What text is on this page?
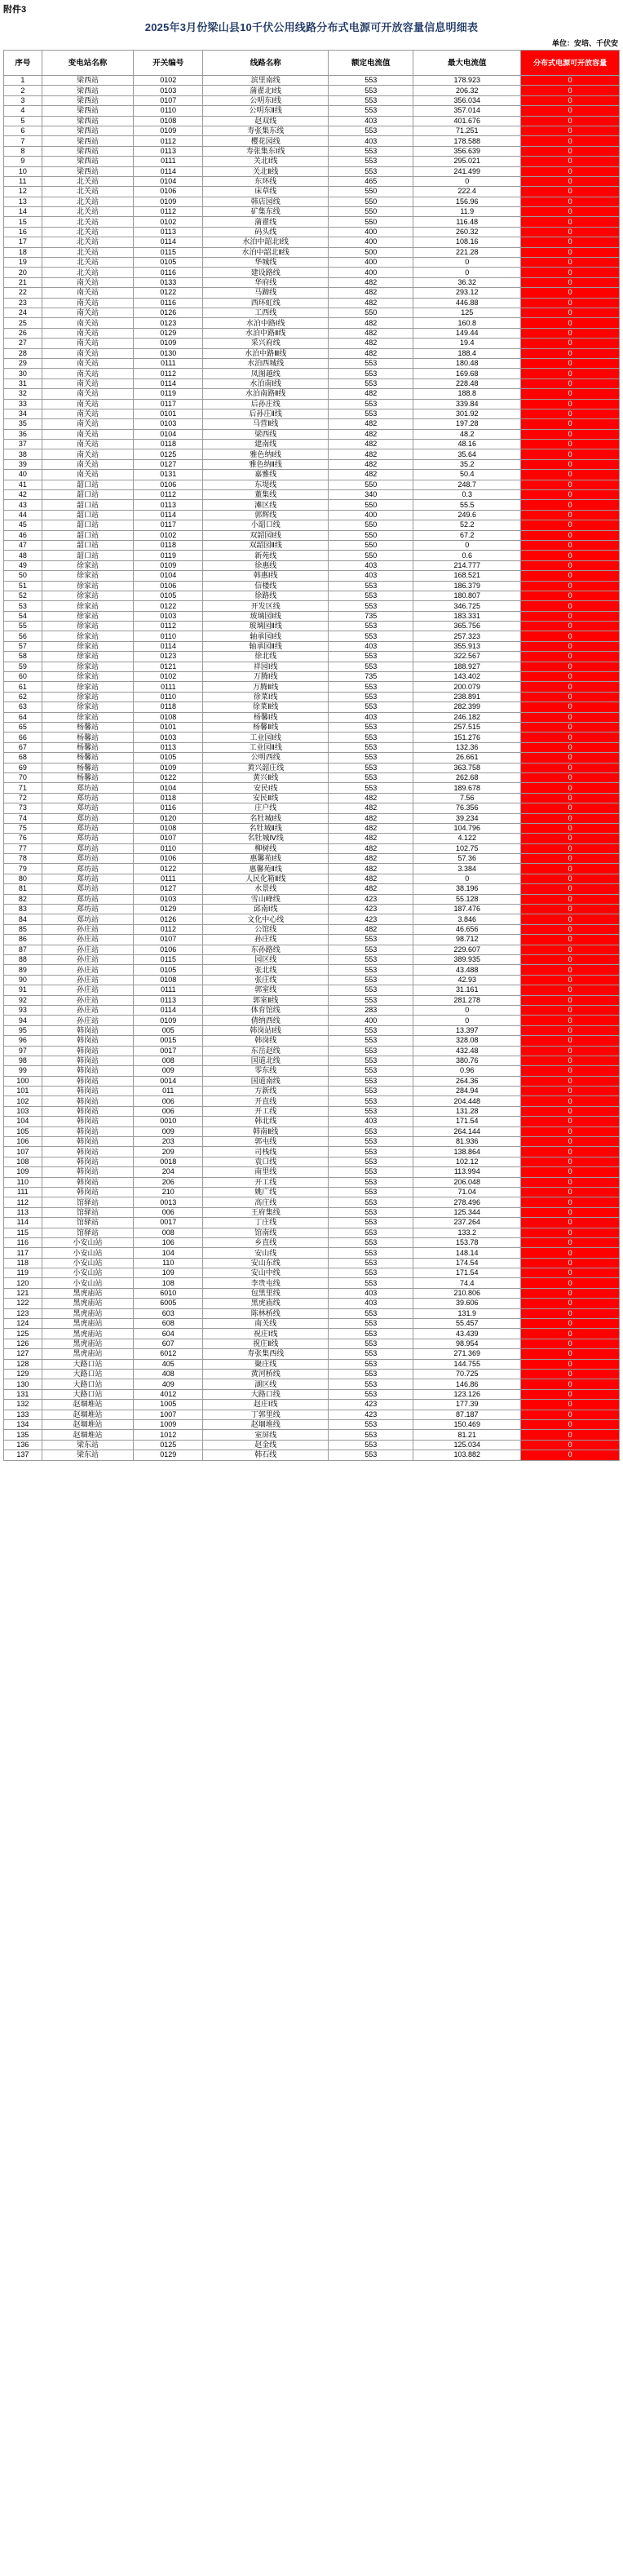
附件3
2025年3月份梁山县10千伏公用线路分布式电源可开放容量信息明细表
单位：安培、千伏安
序号	变电站名称	开关编号	线路名称	额定电流值	最大电流值	分布式电源可开放容量
1	梁西站	0102	滨里南线	553	178.923	0
2	梁西站	0103	蒲翟北Ⅰ线	553	206.32	0
3	梁西站	0107	公明东Ⅰ线	553	356.034	0
4	梁西站	0110	公明东Ⅱ线	553	357.014	0
5	梁西站	0108	赵双线	403	401.676	0
6	梁西站	0109	寿张集东线	553	71.251	0
7	梁西站	0112	樱花园线	403	178.588	0
8	梁西站	0113	寿张集东Ⅰ线	553	356.639	0
9	梁西站	0111	关北Ⅰ线	553	295.021	0
10	梁西站	0114	关北Ⅱ线	553	241.499	0
11	北关站	0104	东环线	465	0	0
12	北关站	0106	床草线	550	222.4	0
13	北关站	0109	韩店园线	550	156.96	0
14	北关站	0112	矿集东线	550	11.9	0
15	北关站	0102	蒲翟线	550	116.48	0
16	北关站	0113	码头线	400	260.32	0
17	北关站	0114	水泊中韶北Ⅰ线	400	108.16	0
18	北关站	0115	水泊中韶北Ⅱ线	500	221.28	0
19	北关站	0105	华城线	400	0	0
20	北关站	0116	建设路线	400	0	0
21	南关站	0133	华府线	482	36.32	0
22	南关站	0122	马蹄线	482	293.12	0
23	南关站	0116	西环虹线	482	446.88	0
24	南关站	0126	工西线	550	125	0
25	南关站	0123	水泊中路Ⅰ线	482	160.8	0
26	南关站	0129	水泊中路Ⅱ线	482	149.44	0
27	南关站	0109	采兴府线	482	19.4	0
28	南关站	0130	水泊中路Ⅲ线	482	188.4	0
29	南关站	0111	水泊西城线	553	180.48	0
30	南关站	0112	凤图越线	553	169.68	0
31	南关站	0114	水泊南Ⅰ线	553	228.48	0
32	南关站	0119	水泊南路Ⅱ线	482	188.8	0
33	南关站	0117	后孙庄线	553	339.84	0
34	南关站	0101	后孙庄Ⅱ线	553	301.92	0
35	南关站	0103	马营Ⅱ线	482	197.28	0
36	南关站	0104	梁西线	482	48.2	0
37	南关站	0118	建南线	482	48.16	0
38	南关站	0125	雅色纳Ⅰ线	482	35.64	0
39	南关站	0127	雅色纳Ⅱ线	482	35.2	0
40	南关站	0131	嘉雅线	482	50.4	0
41	韶口站	0106	东堤线	550	248.7	0
42	韶口站	0112	董集线	340	0.3	0
43	韶口站	0113	滩区线	550	55.5	0
44	韶口站	0114	郭辉线	400	249.6	0
45	韶口站	0117	小韶口线	550	52.2	0
46	韶口站	0102	双韶园Ⅰ线	550	67.2	0
47	韶口站	0118	双韶园Ⅱ线	550	0	0
48	韶口站	0119	新苑线	550	0.6	0
49	徐家站	0109	徐惠线	403	214.777	0
50	徐家站	0104	韩惠Ⅰ线	403	168.521	0
51	徐家站	0106	信楼线	553	186.379	0
52	徐家站	0105	徐路线	553	180.807	0
53	徐家站	0122	开发区线	553	346.725	0
54	徐家站	0103	玻璃园Ⅰ线	735	183.331	0
55	徐家站	0112	玻璃园Ⅱ线	553	365.756	0
56	徐家站	0110	轴承园Ⅰ线	553	257.323	0
57	徐家站	0114	轴承园Ⅱ线	403	355.913	0
58	徐家站	0123	徐北线	553	322.567	0
59	徐家站	0121	祥园Ⅰ线	553	188.927	0
60	徐家站	0102	万腾Ⅰ线	735	143.402	0
61	徐家站	0111	万腾Ⅱ线	553	200.079	0
62	徐家站	0110	徐菜Ⅰ线	553	238.891	0
63	徐家站	0118	徐菜Ⅱ线	553	282.399	0
64	徐家站	0108	杨馨Ⅰ线	403	246.182	0
65	杨馨站	0101	杨馨Ⅱ线	553	257.515	0
66	杨馨站	0103	工业园Ⅰ线	553	151.276	0
67	杨馨站	0113	工业园Ⅱ线	553	132.36	0
68	杨馨站	0105	公明西线	553	26.661	0
69	杨馨站	0109	黄兴韶庄线	553	363.758	0
70	杨馨站	0122	黄兴Ⅱ线	553	262.68	0
71	郑坊站	0104	安民Ⅰ线	553	189.678	0
72	郑坊站	0118	安民Ⅱ线	482	7.56	0
73	郑坊站	0116	庄户线	482	76.356	0
74	郑坊站	0120	名牡城Ⅰ线	482	39.234	0
75	郑坊站	0108	名牡城Ⅱ线	482	104.796	0
76	郑坊站	0107	名牡城Ⅳ线	482	4.122	0
77	郑坊站	0110	柳树线	482	102.75	0
78	郑坊站	0106	惠馨苑Ⅰ线	482	57.36	0
79	郑坊站	0122	惠馨苑Ⅱ线	482	3.384	0
80	郑坊站	0111	人民化箱Ⅱ线	482	0	0
81	郑坊站	0127	水景线	482	38.196	0
82	郑坊站	0103	雪山峰线	423	55.128	0
83	郑坊站	0129	邱南Ⅰ线	423	187.476	0
84	郑坊站	0126	文化中心线	423	3.846	0
85	孙庄站	0112	公馆线	482	46.656	0
86	孙庄站	0107	孙庄线	553	98.712	0
87	孙庄站	0106	东孙路线	553	229.607	0
88	孙庄站	0115	园区线	553	389.935	0
89	孙庄站	0105	张北线	553	43.488	0
90	孙庄站	0108	张庄线	553	42.93	0
91	孙庄站	0111	郭室线	553	31.161	0
92	孙庄站	0113	郭室Ⅱ线	553	281.278	0
93	孙庄站	0114	体育馆线	283	0	0
94	孙庄站	0109	倩纳西线	400	0	0
95	韩岗站	005	韩岗站Ⅰ线	553	13.397	0
96	韩岗站	0015	韩岗线	553	328.08	0
97	韩岗站	0017	东岳赵线	553	432.48	0
98	韩岗站	008	国道北线	553	380.76	0
99	韩岗站	009	零东线	553	0.96	0
100	韩岗站	0014	国道南线	553	264.36	0
101	韩岗站	011	方新线	553	284.94	0
102	韩岗站	006	开直线	553	204.448	0
103	韩岗站	006	开工线	553	131.28	0
104	韩岗站	0010	韩北线	403	171.54	0
105	韩岗站	009	韩南Ⅱ线	553	264.144	0
106	韩岗站	203	郭屯线	553	81.936	0
107	韩岗站	209	司栈线	553	138.864	0
108	韩岗站	0018	袁口线	553	102.12	0
109	韩岗站	204	南里线	553	113.994	0
110	韩岗站	206	开工线	553	206.048	0
111	韩岗站	210	姚广线	553	71.04	0
112	馆驿站	0013	高庄线	553	278.496	0
113	馆驿站	006	王府集线	553	125.344	0
114	馆驿站	0017	丁庄线	553	237.264	0
115	馆驿站	008	馆南线	553	133.2	0
116	小安山站	106	乡直线	553	153.78	0
117	小安山站	104	安山线	553	148.14	0
118	小安山站	110	安山东线	553	174.54	0
119	小安山站	109	安山中线	553	171.54	0
120	小安山站	108	李贵屯线	553	74.4	0
121	黑虎庙站	6010	包黑里线	403	210.806	0
122	黑虎庙站	6005	黑虎庙线	403	39.606	0
123	黑虎庙站	603	陈林桥线	553	131.9	0
124	黑虎庙站	608	南关线	553	55.457	0
125	黑虎庙站	604	祝庄Ⅰ线	553	43.439	0
126	黑虎庙站	607	祝庄Ⅱ线	553	98.954	0
127	黑虎庙站	6012	寿张集西线	553	271.369	0
128	大路口站	405	聚庄线	553	144.755	0
129	大路口站	408	黄河桥线	553	70.725	0
130	大路口站	409	湖区线	553	146.86	0
131	大路口站	4012	大路口线	553	123.126	0
132	赵堌堆站	1005	赵庄Ⅰ线	423	177.39	0
133	赵堌堆站	1007	丁郭里线	423	87.187	0
134	赵堌堆站	1009	赵堌堆线	553	150.469	0
135	赵堌堆站	1012	室屏线	553	81.21	0
136	梁东站	0125	赵金线	553	125.034	0
137	梁东站	0129	韩石线	553	103.882	0
